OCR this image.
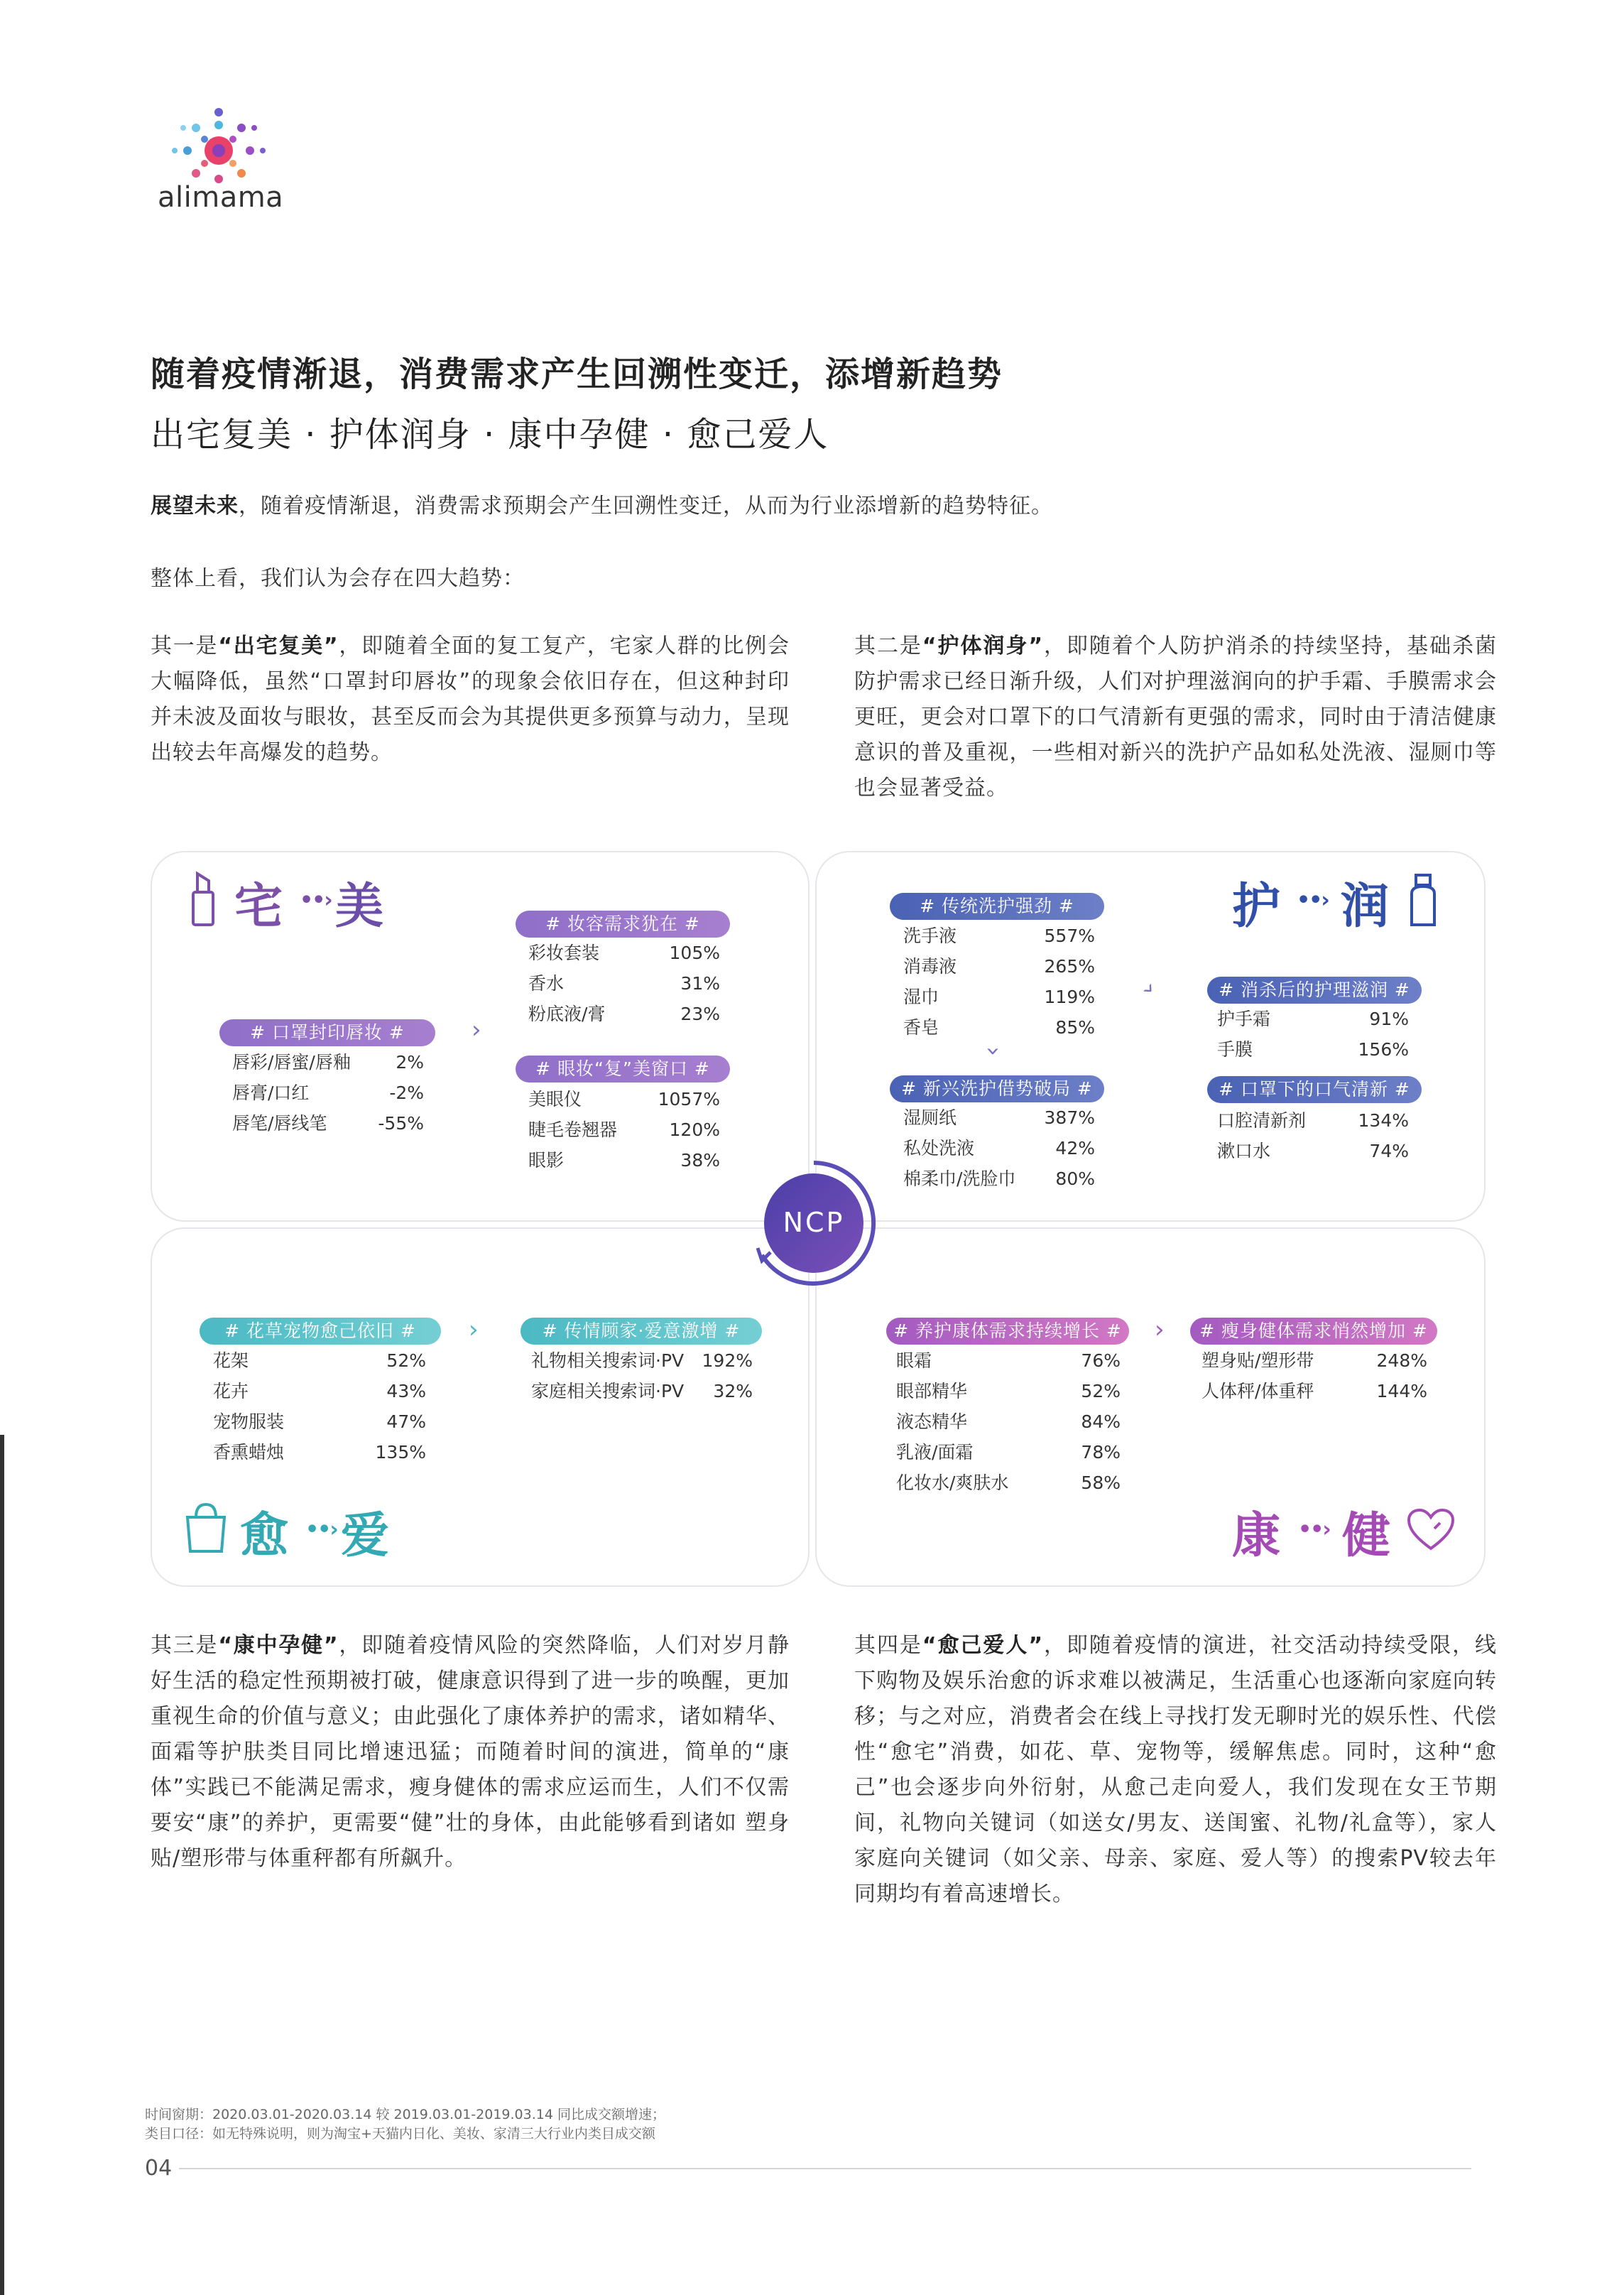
alimama
随着疫情渐退，消费需求产生回溯性变迁，添增新趋势
出宅复美 · 护体润身 · 康中孕健 · 愈己爱人
展望未来，随着疫情渐退，消费需求预期会产生回溯性变迁，从而为行业添增新的趋势特征。
整体上看，我们认为会存在四大趋势：
其一是“出宅复美”，即随着全面的复工复产，宅家人群的比例会大幅降低，虽然“口罩封印唇妆”的现象会依旧存在，但这种封印并未波及面妆与眼妆，甚至反而会为其提供更多预算与动力，呈现出较去年高爆发的趋势。
其二是“护体润身”，即随着个人防护消杀的持续坚持，基础杀菌防护需求已经日渐升级，人们对护理滋润向的护手霜、手膜需求会更旺，更会对口罩下的口气清新有更强的需求，同时由于清洁健康意识的普及重视，一些相对新兴的洗护产品如私处洗液、湿厕巾等也会显著受益。
宅 ••› 美
# 口罩封印唇妆 #
唇彩/唇蜜/唇釉	2%
唇膏/口红	-2%
唇笔/唇线笔	-55%
›
# 妆容需求犹在 #
彩妆套装	105%
香水	31%
粉底液/膏	23%
# 眼妆“复”美窗口 #
美眼仪	1057%
睫毛卷翘器	120%
眼影	38%
护 ••› 润
# 传统洗护强劲 #
洗手液	557%
消毒液	265%
湿巾	119%
香皂	85%
›
›
# 新兴洗护借势破局 #
湿厕纸	387%
私处洗液	42%
棉柔巾/洗脸巾 80%
# 消杀后的护理滋润 #
护手霜	91%
手膜	156%
# 口罩下的口气清新 #
口腔清新剂	134%
漱口水	74%
# 花草宠物愈己依旧 #
花架	52%
花卉	43%
宠物服装	47%
香熏蜡烛	135%
›	# 传情顾家·爱意激增 #
礼物相关搜索词·PV 192%
家庭相关搜索词·PV 32%
愈 ••› 爱
# 养护康体需求持续增长 #
眼霜	76%
眼部精华	52%
液态精华	84%
乳液/面霜	78%
化妆水/爽肤水	58%
›	# 瘦身健体需求悄然增加 #
塑身贴/塑形带	248%
人体秤/体重秤	144%
康 ••› 健
NCP
其三是“康中孕健”，即随着疫情风险的突然降临，人们对岁月静好生活的稳定性预期被打破，健康意识得到了进一步的唤醒，更加重视生命的价值与意义；由此强化了康体养护的需求，诸如精华、面霜等护肤类目同比增速迅猛；而随着时间的演进，简单的“康体”实践已不能满足需求，瘦身健体的需求应运而生，人们不仅需要安“康”的养护，更需要“健”壮的身体，由此能够看到诸如 塑身贴/塑形带与体重秤都有所飙升。
其四是“愈己爱人”，即随着疫情的演进，社交活动持续受限，线下购物及娱乐治愈的诉求难以被满足，生活重心也逐渐向家庭向转移；与之对应，消费者会在线上寻找打发无聊时光的娱乐性、代偿性“愈宅”消费，如花、草、宠物等，缓解焦虑。同时，这种“愈己”也会逐步向外衍射，从愈己走向爱人，我们发现在女王节期间，礼物向关键词（如送女/男友、送闺蜜、礼物/礼盒等），家人家庭向关键词（如父亲、母亲、家庭、爱人等）的搜索PV较去年同期均有着高速增长。
时间窗期：2020.03.01-2020.03.14 较 2019.03.01-2019.03.14 同比成交额增速；
类目口径：如无特殊说明，则为淘宝+天猫内日化、美妆、家清三大行业内类目成交额
04
